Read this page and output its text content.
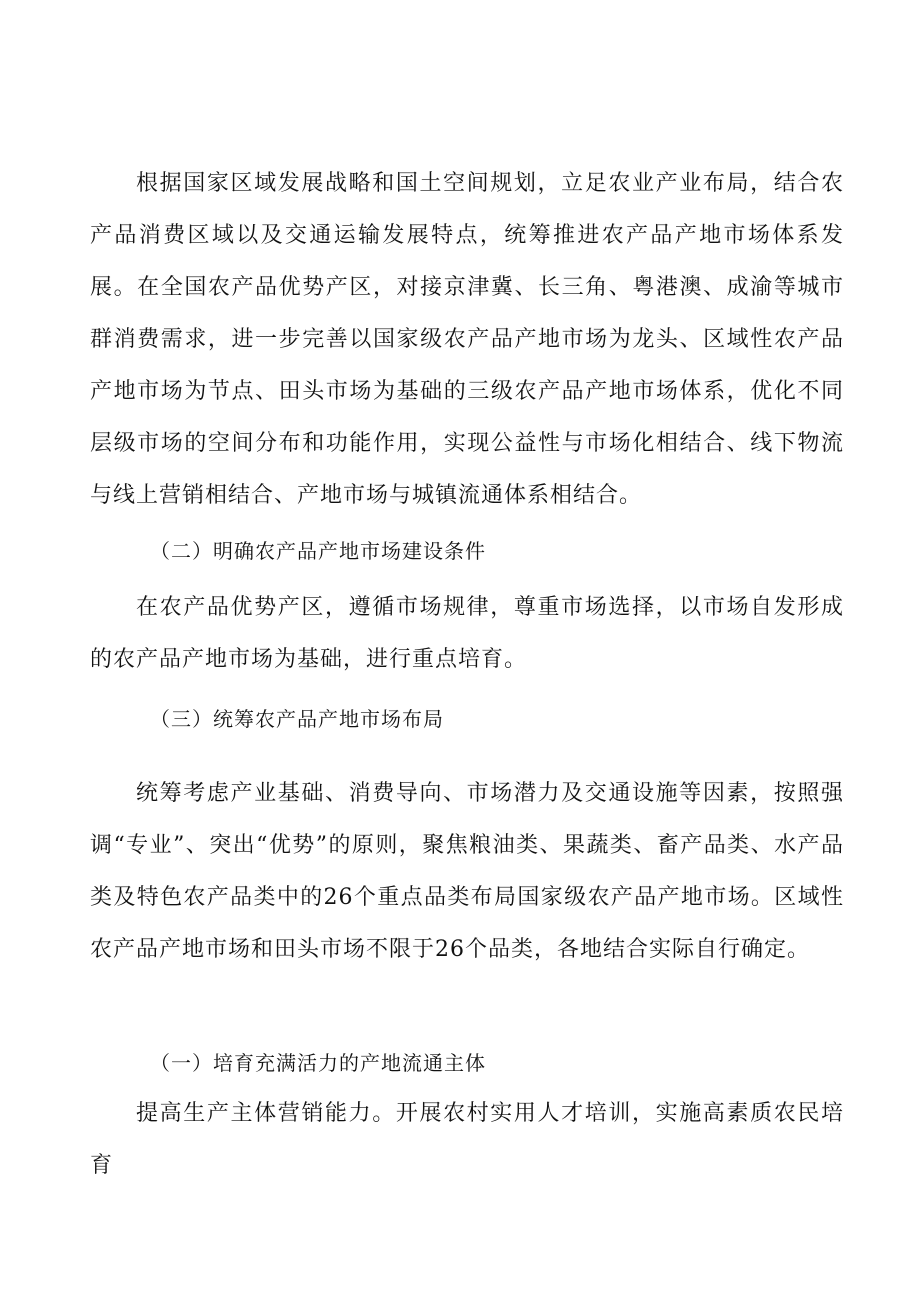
根据国家区域发展战略和国土空间规划，立足农业产业布局，结合农产品消费区域以及交通运输发展特点，统筹推进农产品产地市场体系发展。在全国农产品优势产区，对接京津冀、长三角、粤港澳、成渝等城市群消费需求，进一步完善以国家级农产品产地市场为龙头、区域性农产品产地市场为节点、田头市场为基础的三级农产品产地市场体系，优化不同层级市场的空间分布和功能作用，实现公益性与市场化相结合、线下物流与线上营销相结合、产地市场与城镇流通体系相结合。

（二）明确农产品产地市场建设条件

在农产品优势产区，遵循市场规律，尊重市场选择，以市场自发形成的农产品产地市场为基础，进行重点培育。

（三）统筹农产品产地市场布局

统筹考虑产业基础、消费导向、市场潜力及交通设施等因素，按照强调“专业”、突出“优势”的原则，聚焦粮油类、果蔬类、畜产品类、水产品类及特色农产品类中的26个重点品类布局国家级农产品产地市场。区域性农产品产地市场和田头市场不限于26个品类，各地结合实际自行确定。

（一）培育充满活力的产地流通主体

提高生产主体营销能力。开展农村实用人才培训，实施高素质农民培育
